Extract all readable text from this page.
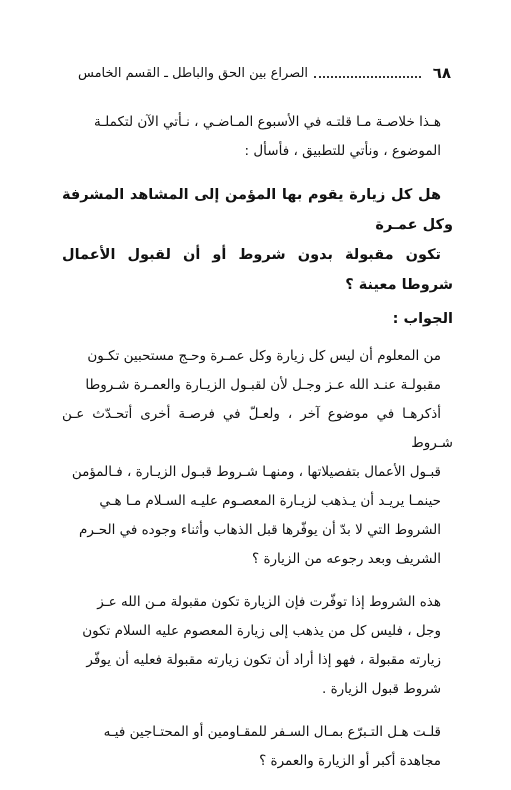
٦٨
الصراع بين الحق والباطل ـ القسم الخامس

هـذا خلاصـة مـا قلتـه في الأسبوع المـاضـي ، نـأتي الآن لتكملـة
الموضوع ، ونأتي للتطبيق ، فأسأل :

هل كل زيارة يقوم بها المؤمن إلى المشاهد المشرفة وكل عمـرة
تكون مقبولة بدون شروط أو أن لقبول الأعمال شروطا معينة ؟

الجواب :

من المعلوم أن ليس كل زيارة وكل عمـرة وحـج مستحبين تكـون
مقبولـة عنـد الله عـز وجـل لأن لقبـول الزيـارة والعمـرة شـروطا
أذكرهـا في موضوع آخر ، ولعـلّ في فرصـة أخرى أتحـدّث عـن شـروط
قبـول الأعمال بتفصيلاتها ، ومنهـا شـروط قبـول الزيـارة ، فـالمؤمن
حينمـا يريـد أن يـذهب لزيـارة المعصـوم عليـه السـلام مـا هـي
الشروط التي لا بدّ أن يوفّرها قبل الذهاب وأثناء وجوده في الحـرم
الشريف وبعد رجوعه من الزيارة ؟

هذه الشروط إذا توفّرت فإن الزيارة تكون مقبولة مـن الله عـز
وجل ، فليس كل من يذهب إلى زيارة المعصوم عليه السلام تكون
زيارته مقبولة ، فهو إذا أراد أن تكون زيارته مقبولة فعليه أن يوفّر
شروط قبول الزيارة .

قلـت هـل التـبرّع بمـال السـفر للمقـاومين أو المحتـاجين فيـه
مجاهدة أكبر أو الزيارة والعمرة ؟
